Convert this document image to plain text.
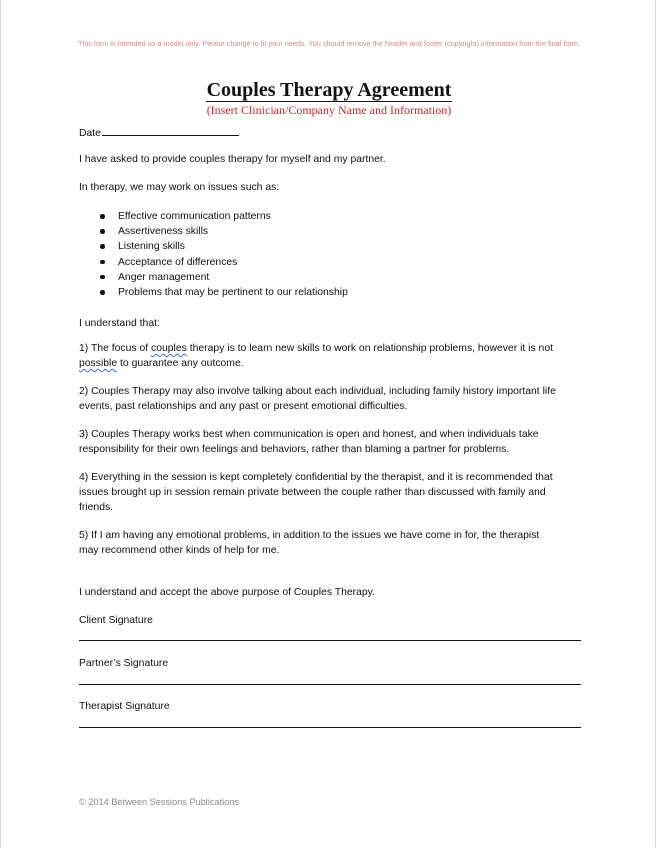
This form is intended as a model only. Please change to fit your needs. You should remove the header and footer (copyright) information from the final form.
Couples Therapy Agreement
(Insert Clinician/Company Name and Information)
Date
I have asked to provide couples therapy for myself and my partner.
In therapy, we may work on issues such as:
Effective communication patterns
Assertiveness skills
Listening skills
Acceptance of differences
Anger management
Problems that may be pertinent to our relationship
I understand that:
1) The focus of couples therapy is to learn new skills to work on relationship problems, however it is not
possible to guarantee any outcome.
2) Couples Therapy may also involve talking about each individual, including family history important life
events, past relationships and any past or present emotional difficulties.
3) Couples Therapy works best when communication is open and honest, and when individuals take
responsibility for their own feelings and behaviors, rather than blaming a partner for problems.
4) Everything in the session is kept completely confidential by the therapist, and it is recommended that
issues brought up in session remain private between the couple rather than discussed with family and
friends.
5) If I am having any emotional problems, in addition to the issues we have come in for, the therapist
may recommend other kinds of help for me.
I understand and accept the above purpose of Couples Therapy.
Client Signature
Partner’s Signature
Therapist Signature
© 2014 Between Sessions Publications
